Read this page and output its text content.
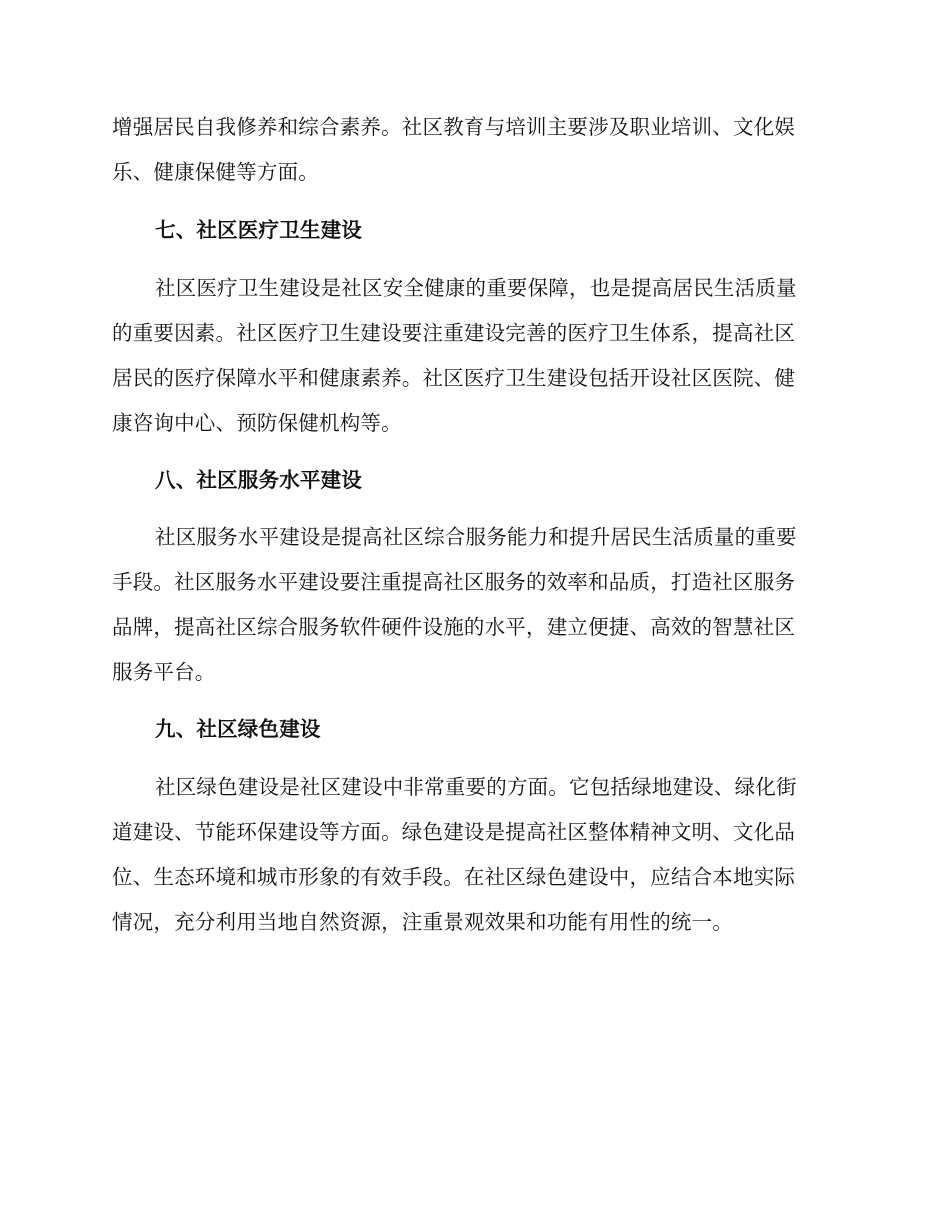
增强居民自我修养和综合素养。社区教育与培训主要涉及职业培训、文化娱
乐、健康保健等方面。
七、社区医疗卫生建设
社区医疗卫生建设是社区安全健康的重要保障，也是提高居民生活质量
的重要因素。社区医疗卫生建设要注重建设完善的医疗卫生体系，提高社区
居民的医疗保障水平和健康素养。社区医疗卫生建设包括开设社区医院、健
康咨询中心、预防保健机构等。
八、社区服务水平建设
社区服务水平建设是提高社区综合服务能力和提升居民生活质量的重要
手段。社区服务水平建设要注重提高社区服务的效率和品质，打造社区服务
品牌，提高社区综合服务软件硬件设施的水平，建立便捷、高效的智慧社区
服务平台。
九、社区绿色建设
社区绿色建设是社区建设中非常重要的方面。它包括绿地建设、绿化街
道建设、节能环保建设等方面。绿色建设是提高社区整体精神文明、文化品
位、生态环境和城市形象的有效手段。在社区绿色建设中，应结合本地实际
情况，充分利用当地自然资源，注重景观效果和功能有用性的统一。
